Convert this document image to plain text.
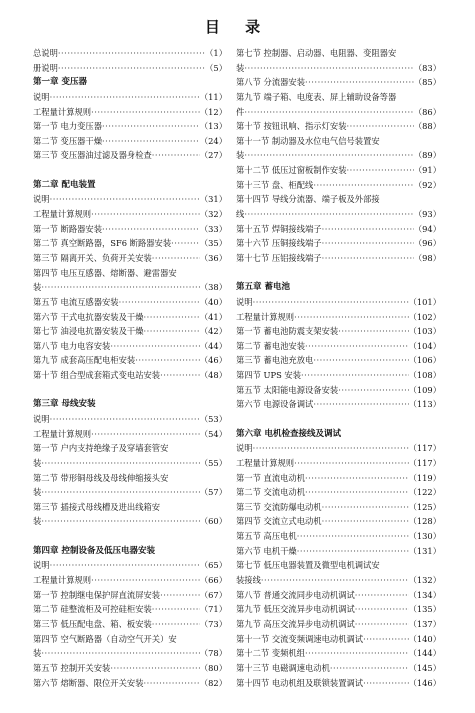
目 录
总说明 ·····	（1）
册说明 ·····	（5）
第一章 变压器
说明 ·····	（11）
工程量计算规则 ·····	（12）
第一节 电力变压器 ·····	（13）
第二节 变压器干燥 ·····	（24）
第三节 变压器油过滤及器身检查 ·····	（27）
第二章 配电装置
说明 ·····	（31）
工程量计算规则 ·····	（32）
第一节 断路器安装 ·····	（33）
第二节 真空断路器，SF6 断路器安装 ·····	（35）
第三节 隔离开关、负荷开关安装 ·····	（36）
第四节 电压互感器、熔断器、避雷器安
装 ·····	（38）
第五节 电流互感器安装 ·····	（40）
第六节 干式电抗器安装及干燥 ·····	（41）
第七节 油浸电抗器安装及干燥 ·····	（42）
第八节 电力电容安装 ·····	（44）
第九节 成套高压配电柜安装 ·····	（46）
第十节 组合型成套箱式变电站安装 ·····	（48）
第三章 母线安装
说明 ·····	（53）
工程量计算规则 ·····	（54）
第一节 户内支持绝缘子及穿墙套管安
装 ·····	（55）
第二节 带形铜母线及母线伸缩接头安
装 ·····	（57）
第三节 插接式母线槽及进出线箱安
装 ·····	（60）
第四章 控制设备及低压电器安装
说明 ·····	（65）
工程量计算规则 ·····	（66）
第一节 控制继电保护屏直流屏安装 ·····	（67）
第二节 硅整流柜及可控硅柜安装 ·····	（71）
第三节 低压配电盘、箱、板安装 ·····	（73）
第四节 空气断路器（自动空气开关）安
装 ·····	（78）
第五节 控制开关安装 ·····	（80）
第六节 熔断器、限位开关安装 ·····	（82）
第七节 控制器、启动器、电阻器、变阻器安
装 ·····	（83）
第八节 分流器安装 ·····	（85）
第九节 端子箱、电度表、屏上辅助设备等器
件 ·····	（86）
第十节 按钮讯响、指示灯安装 ·····	（88）
第十一节 制动器及水位电气信号装置安
装 ·····	（89）
第十二节 低压过窗板制作安装 ·····	（91）
第十三节 盘、柜配线 ·····	（92）
第十四节 导线分流器、端子板及外部接
线 ·····	（93）
第十五节 焊铜接线端子 ·····	（94）
第十六节 压铜接线端子 ·····	（96）
第十七节 压铝接线端子 ·····	（98）
第五章 蓄电池
说明 ·····	（101）
工程量计算规则 ·····	（102）
第一节 蓄电池防震支架安装 ·····	（103）
第二节 蓄电池安装 ·····	（104）
第三节 蓄电池充放电 ·····	（106）
第四节 UPS 安装 ·····	（108）
第五节 太阳能电源设备安装 ·····	（109）
第六节 电源设备调试 ·····	（113）
第六章 电机检查接线及调试
说明 ·····	（117）
工程量计算规则 ·····	（117）
第一节 直流电动机 ·····	（119）
第二节 交流电动机 ·····	（122）
第三节 交流防爆电动机 ·····	（125）
第四节 交流立式电动机 ·····	（128）
第五节 高压电机 ·····	（130）
第六节 电机干燥 ·····	（131）
第七节 低压电器装置及微型电机调试安
装接线 ·····	（132）
第八节 普通交流同步电动机调试 ·····	（134）
第九节 低压交流异步电动机调试 ·····	（135）
第九节 高压交流异步电动机调试 ·····	（137）
第十一节 交流变频调速电动机调试 ·····	（140）
第十二节 变频机组 ·····	（144）
第十三节 电磁调速电动机 ·····	（145）
第十四节 电动机组及联锁装置调试 ·····	（146）
